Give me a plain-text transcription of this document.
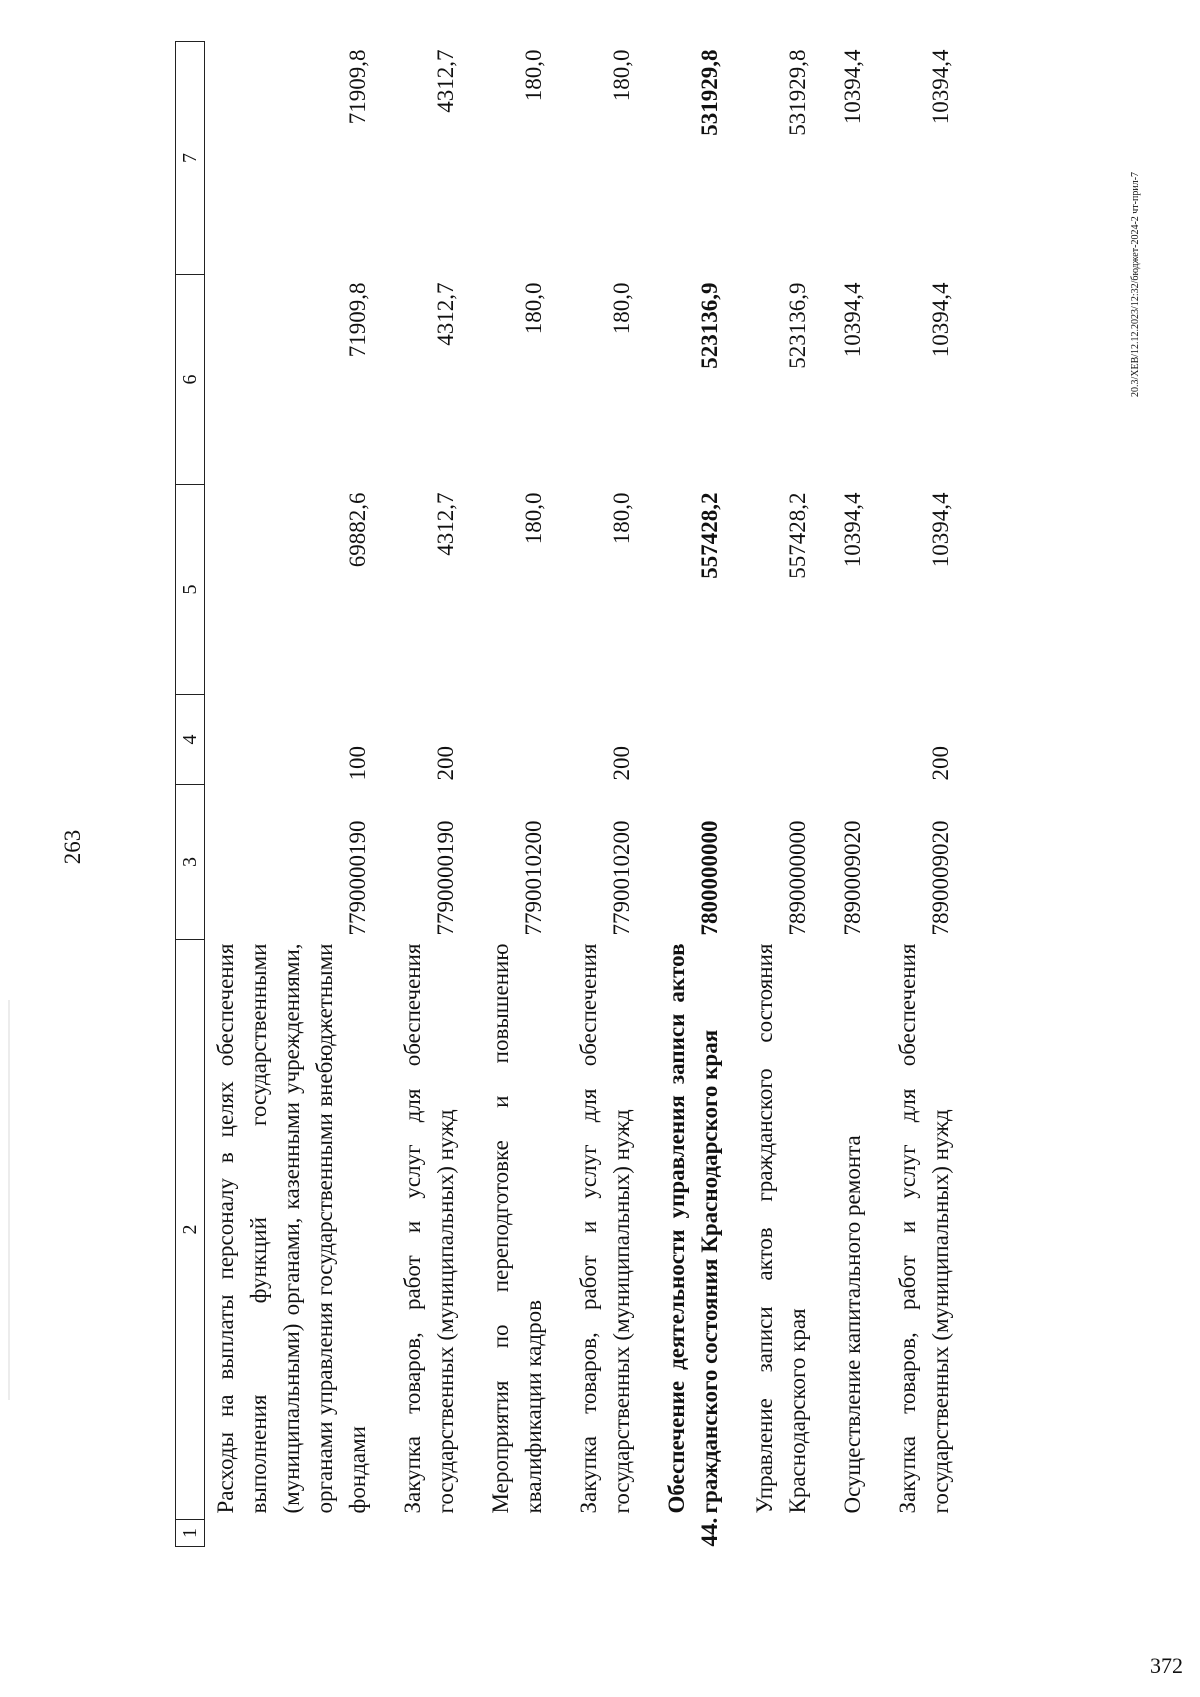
263
1	2	3	4	5	6	7
	Расходы на выплаты персоналу в целях обеспечения выполнения функций государственными (муниципальными) органами, казенными учреждениями, органами управления государственными внебюджетными фондами	7790000190	100	69882,6	71909,8	71909,8
	Закупка товаров, работ и услуг для обеспечения государственных (муниципальных) нужд	7790000190	200	4312,7	4312,7	4312,7
	Мероприятия по переподготовке и повышению квалификации кадров	7790010200		180,0	180,0	180,0
	Закупка товаров, работ и услуг для обеспечения государственных (муниципальных) нужд	7790010200	200	180,0	180,0	180,0
44.	Обеспечение деятельности управления записи актов гражданского состояния Краснодарского края	7800000000		557428,2	523136,9	531929,8
	Управление записи актов гражданского состояния Краснодарского края	7890000000		557428,2	523136,9	531929,8
	Осуществление капитального ремонта	7890009020		10394,4	10394,4	10394,4
	Закупка товаров, работ и услуг для обеспечения государственных (муниципальных) нужд	7890009020	200	10394,4	10394,4	10394,4
20.3/ХЕВ/12.12.2023/12:32/бюджет-2024-2 чт-прил-7
372
